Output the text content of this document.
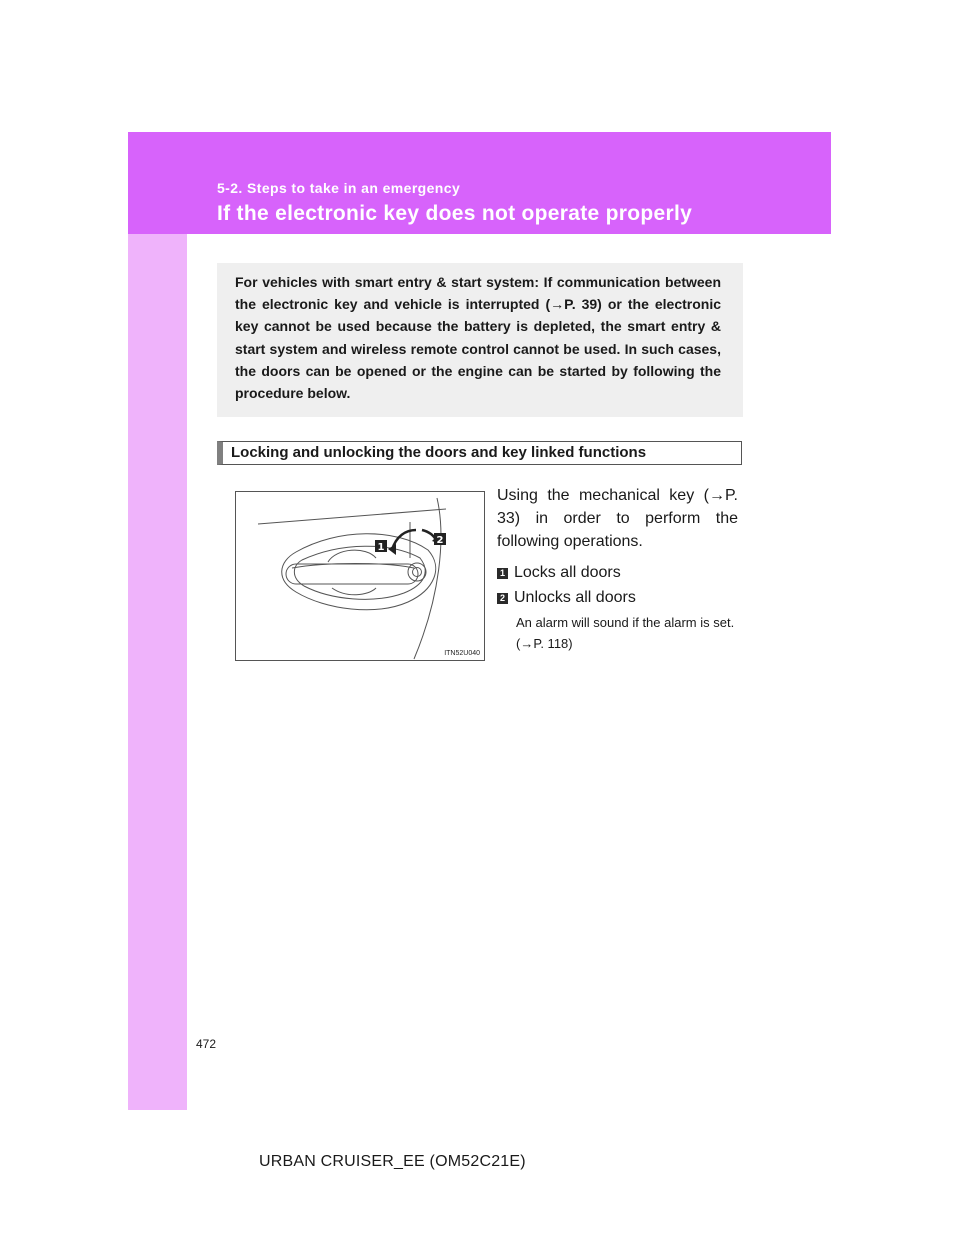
5-2. Steps to take in an emergency
If the electronic key does not operate properly

For vehicles with smart entry & start system: If communication between the electronic key and vehicle is interrupted (→P. 39) or the electronic key cannot be used because the battery is depleted, the smart entry & start system and wireless remote control cannot be used. In such cases, the doors can be opened or the engine can be started by following the procedure below.

Locking and unlocking the doors and key linked functions
1
2
ITN52U040

Using the mechanical key (→P. 33) in order to perform the following operations.

1 Locks all doors
2 Unlocks all doors

An alarm will sound if the alarm is set. (→P. 118)

472
URBAN CRUISER_EE (OM52C21E)
